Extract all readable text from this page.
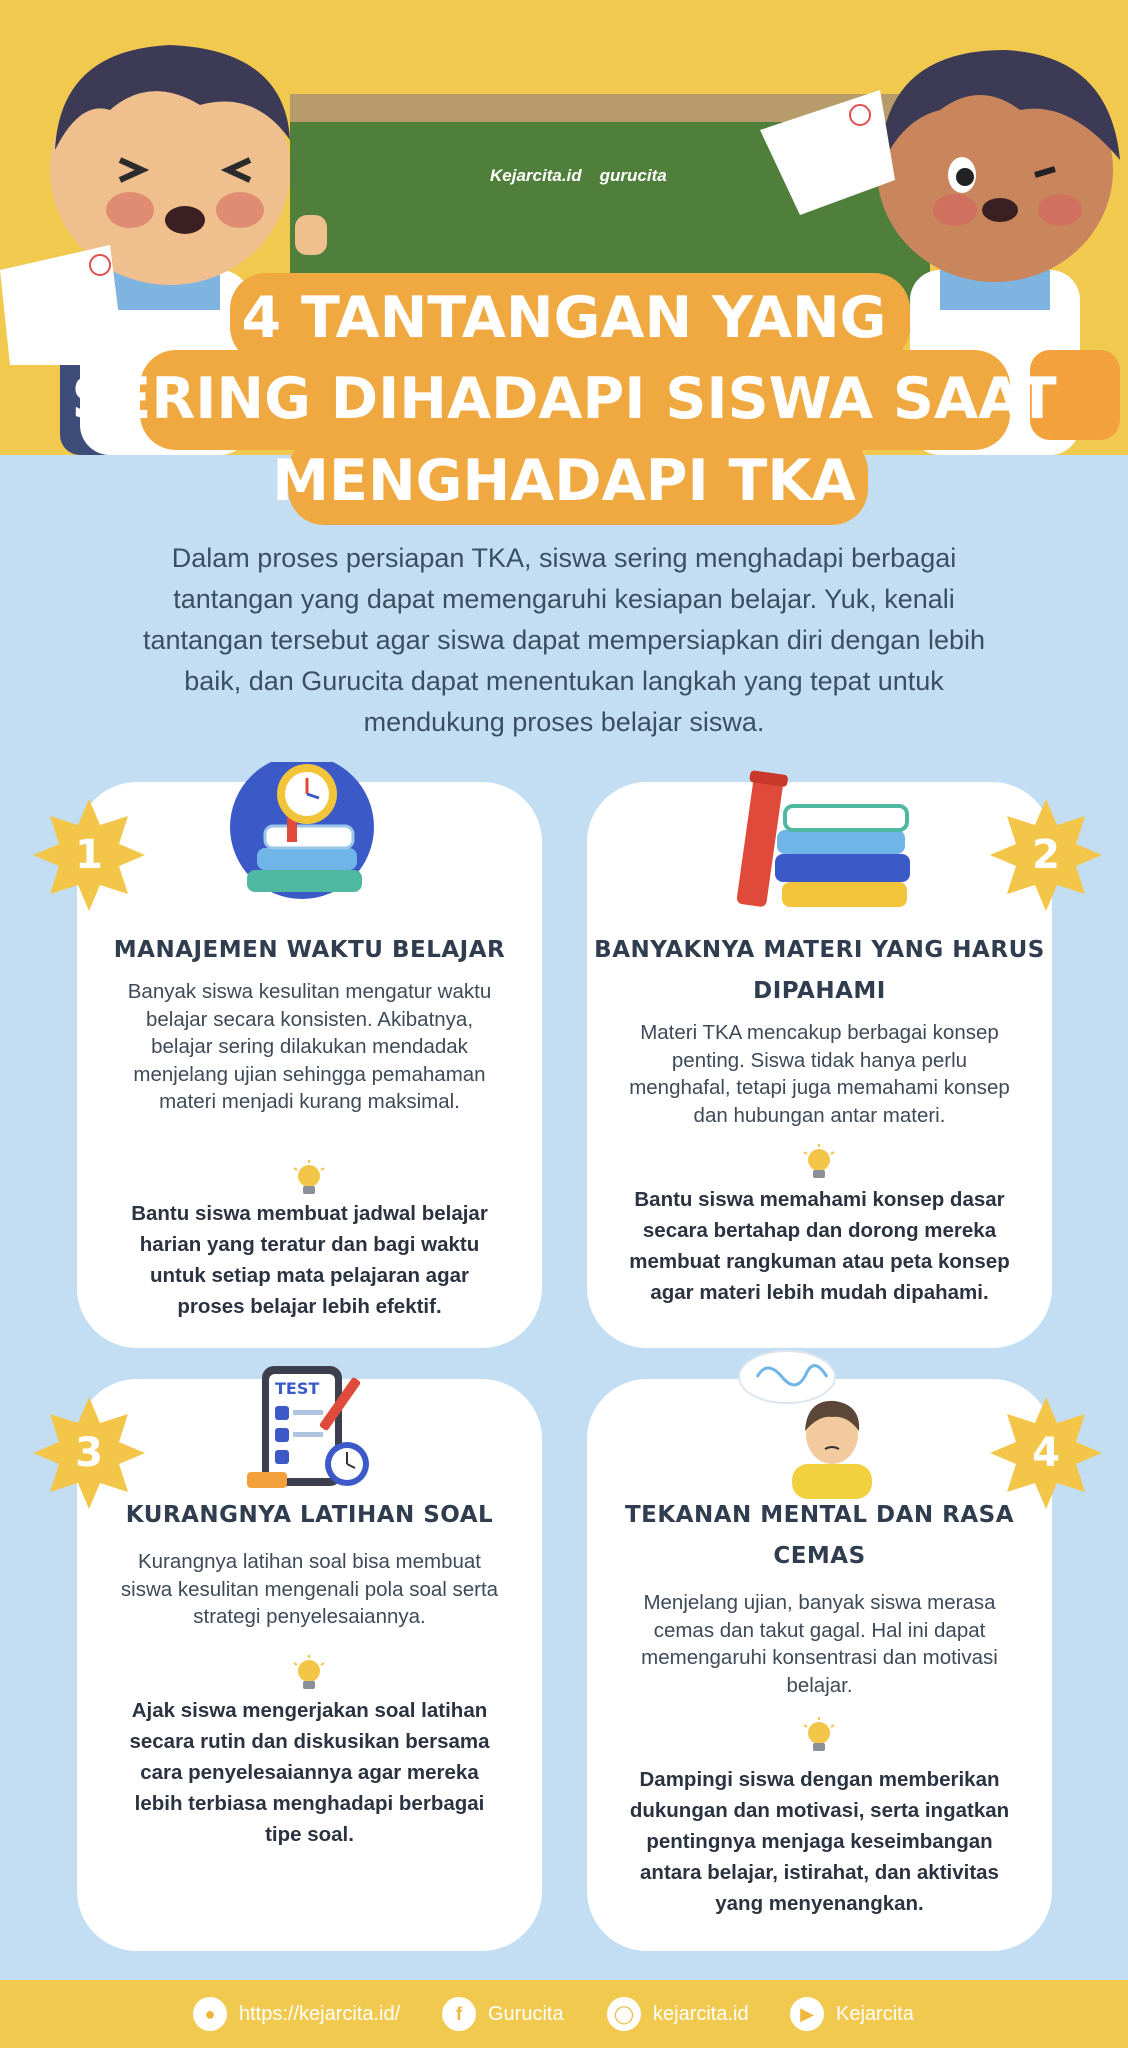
Kejarcita.id gurucita
4 TANTANGAN YANG
SERING DIHADAPI SISWA SAAT
MENGHADAPI TKA
Dalam proses persiapan TKA, siswa sering menghadapi berbagai tantangan yang dapat memengaruhi kesiapan belajar. Yuk, kenali tantangan tersebut agar siswa dapat mempersiapkan diri dengan lebih baik, dan Gurucita dapat menentukan langkah yang tepat untuk mendukung proses belajar siswa.
MANAJEMEN WAKTU BELAJAR
Banyak siswa kesulitan mengatur waktu belajar secara konsisten. Akibatnya, belajar sering dilakukan mendadak menjelang ujian sehingga pemahaman materi menjadi kurang maksimal.
Bantu siswa membuat jadwal belajar harian yang teratur dan bagi waktu untuk setiap mata pelajaran agar proses belajar lebih efektif.
1
BANYAKNYA MATERI YANG HARUS DIPAHAMI
Materi TKA mencakup berbagai konsep penting. Siswa tidak hanya perlu menghafal, tetapi juga memahami konsep dan hubungan antar materi.
Bantu siswa memahami konsep dasar secara bertahap dan dorong mereka membuat rangkuman atau peta konsep agar materi lebih mudah dipahami.
2
TEST
KURANGNYA LATIHAN SOAL
Kurangnya latihan soal bisa membuat siswa kesulitan mengenali pola soal serta strategi penyelesaiannya.
Ajak siswa mengerjakan soal latihan secara rutin dan diskusikan bersama cara penyelesaiannya agar mereka lebih terbiasa menghadapi berbagai tipe soal.
3
TEKANAN MENTAL DAN RASA CEMAS
Menjelang ujian, banyak siswa merasa cemas dan takut gagal. Hal ini dapat memengaruhi konsentrasi dan motivasi belajar.
Dampingi siswa dengan memberikan dukungan dan motivasi, serta ingatkan pentingnya menjaga keseimbangan antara belajar, istirahat, dan aktivitas yang menyenangkan.
4
●	https://kejarcita.id/	f	Gurucita	◯ kejarcita.id	▶	Kejarcita
